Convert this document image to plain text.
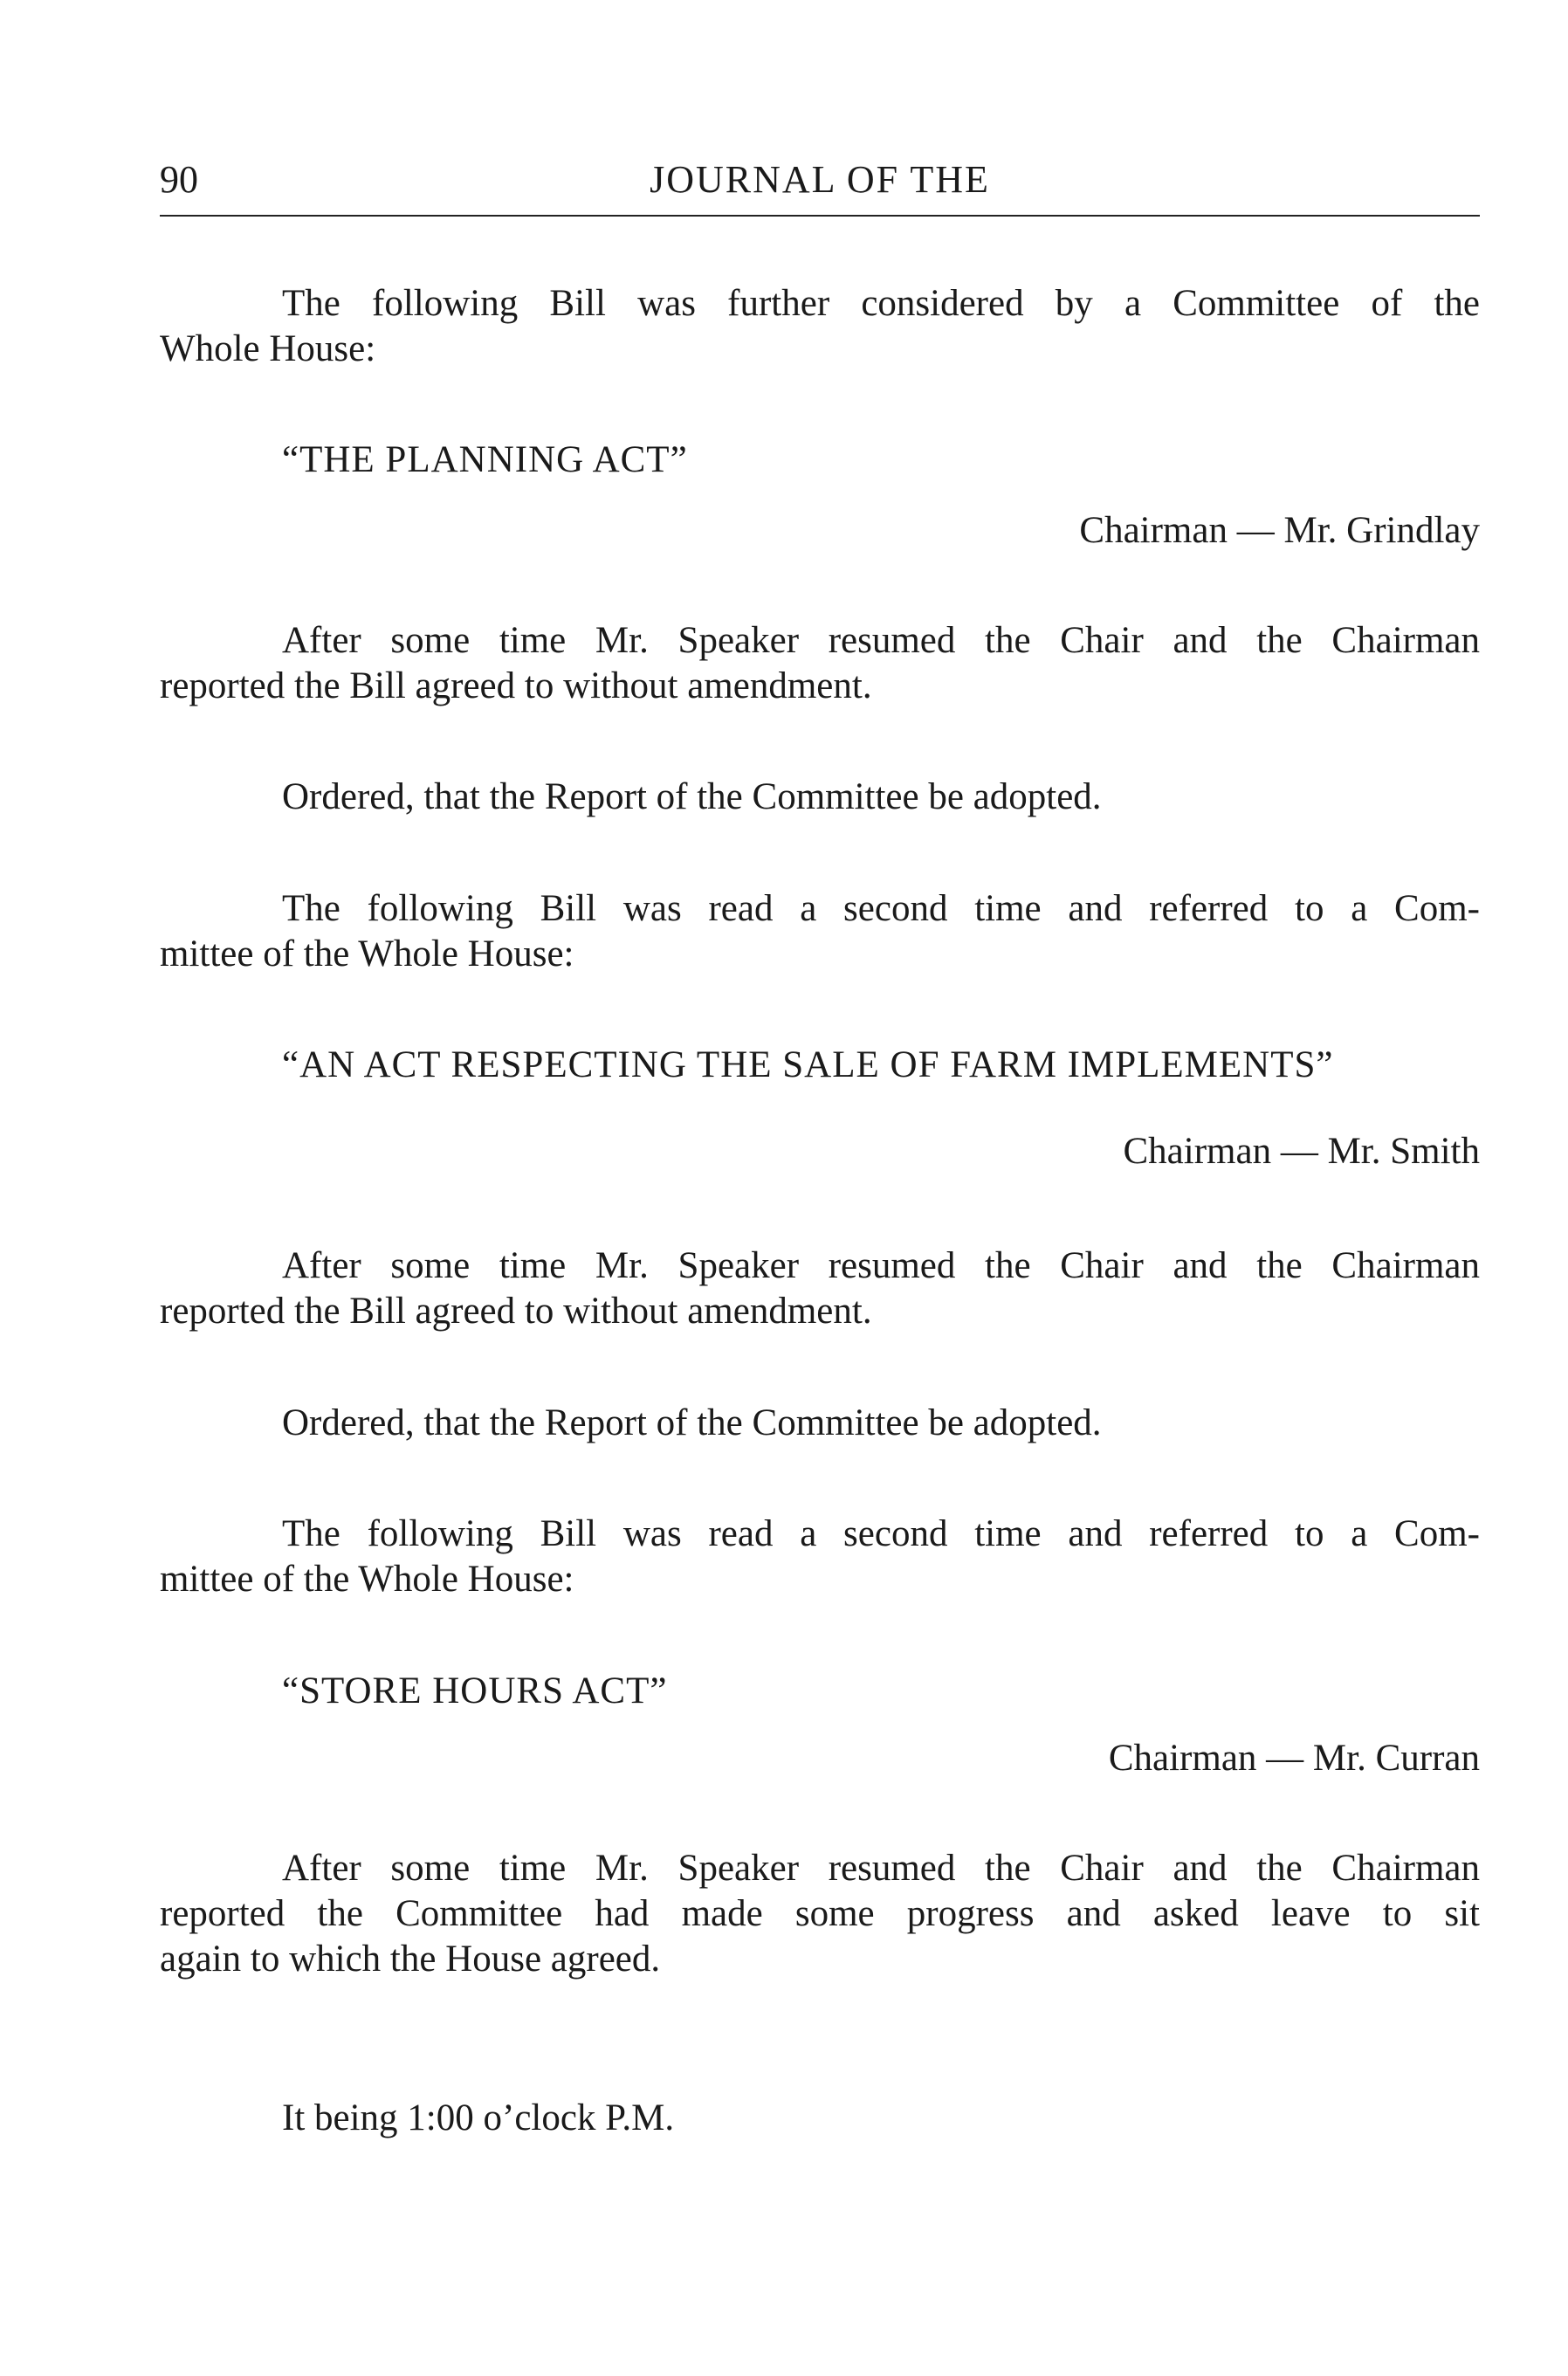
90	JOURNAL OF THE
The following Bill was further considered by a Committee of the
Whole House:
“THE PLANNING ACT”
Chairman — Mr. Grindlay
After some time Mr. Speaker resumed the Chair and the Chairman
reported the Bill agreed to without amendment.
Ordered, that the Report of the Committee be adopted.
The following Bill was read a second time and referred to a Com-
mittee of the Whole House:
“AN ACT RESPECTING THE SALE OF FARM IMPLEMENTS”
Chairman — Mr. Smith
After some time Mr. Speaker resumed the Chair and the Chairman
reported the Bill agreed to without amendment.
Ordered, that the Report of the Committee be adopted.
The following Bill was read a second time and referred to a Com-
mittee of the Whole House:
“STORE HOURS ACT”
Chairman — Mr. Curran
After some time Mr. Speaker resumed the Chair and the Chairman
reported the Committee had made some progress and asked leave to sit
again to which the House agreed.
It being 1:00 o’clock P.M.
